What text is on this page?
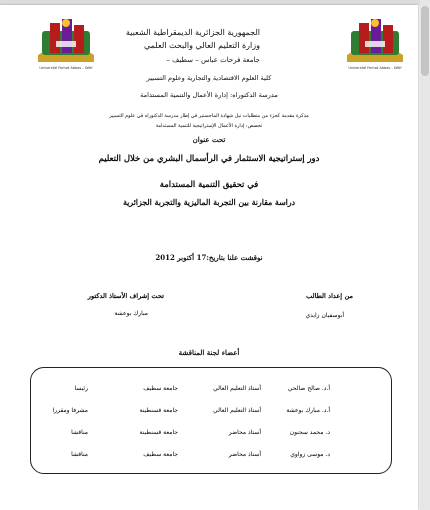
Université Ferhat Abbas - Sétif	Université Ferhat Abbas - Sétif
الجمهورية الجزائرية الديمقراطية الشعبية
وزارة التعليم العالي والبحث العلمي
جامعة فرحات عباس – سطيف –
كلية العلوم الاقتصادية والتجارية وعلوم التسيير
مدرسة الدكتوراه: إدارة الأعمال والتنمية المستدامة
مذكرة مقدمة كجزء من متطلبات نيل شهادة الماجستير في إطار مدرسة الدكتوراه في علوم التسيير
تخصص: إدارة الأعمال الإستراتيجية للتنمية المستدامة
تحت عنوان
دور إستراتيجية الاستثمار في الرأسمال البشري من خلال التعليم
في تحقيق التنمية المستدامة
دراسة مقارنة بين التجربة الماليزية والتجربة الجزائرية
نوقشت علنا بتاريخ:17 أكتوبر 2012
من إعداد الطالب
أبوسفيان زايدي
تحت إشراف الأستاذ الدكتور
مبارك بوعشة
أعضاء لجنة المناقشة
أ.د. صالح صالحي
أستاذ التعليم العالي
جامعة سطيف
رئيسا
أ.د. مبارك بوعشة
أستاذ التعليم العالي
جامعة قسنطينة
مشرفا ومقررا
د. محمد سحنون
أستاذ محاضر
جامعة قسنطينة
مناقشا
د. موسى زواوي
أستاذ محاضر
جامعة سطيف
مناقشا
